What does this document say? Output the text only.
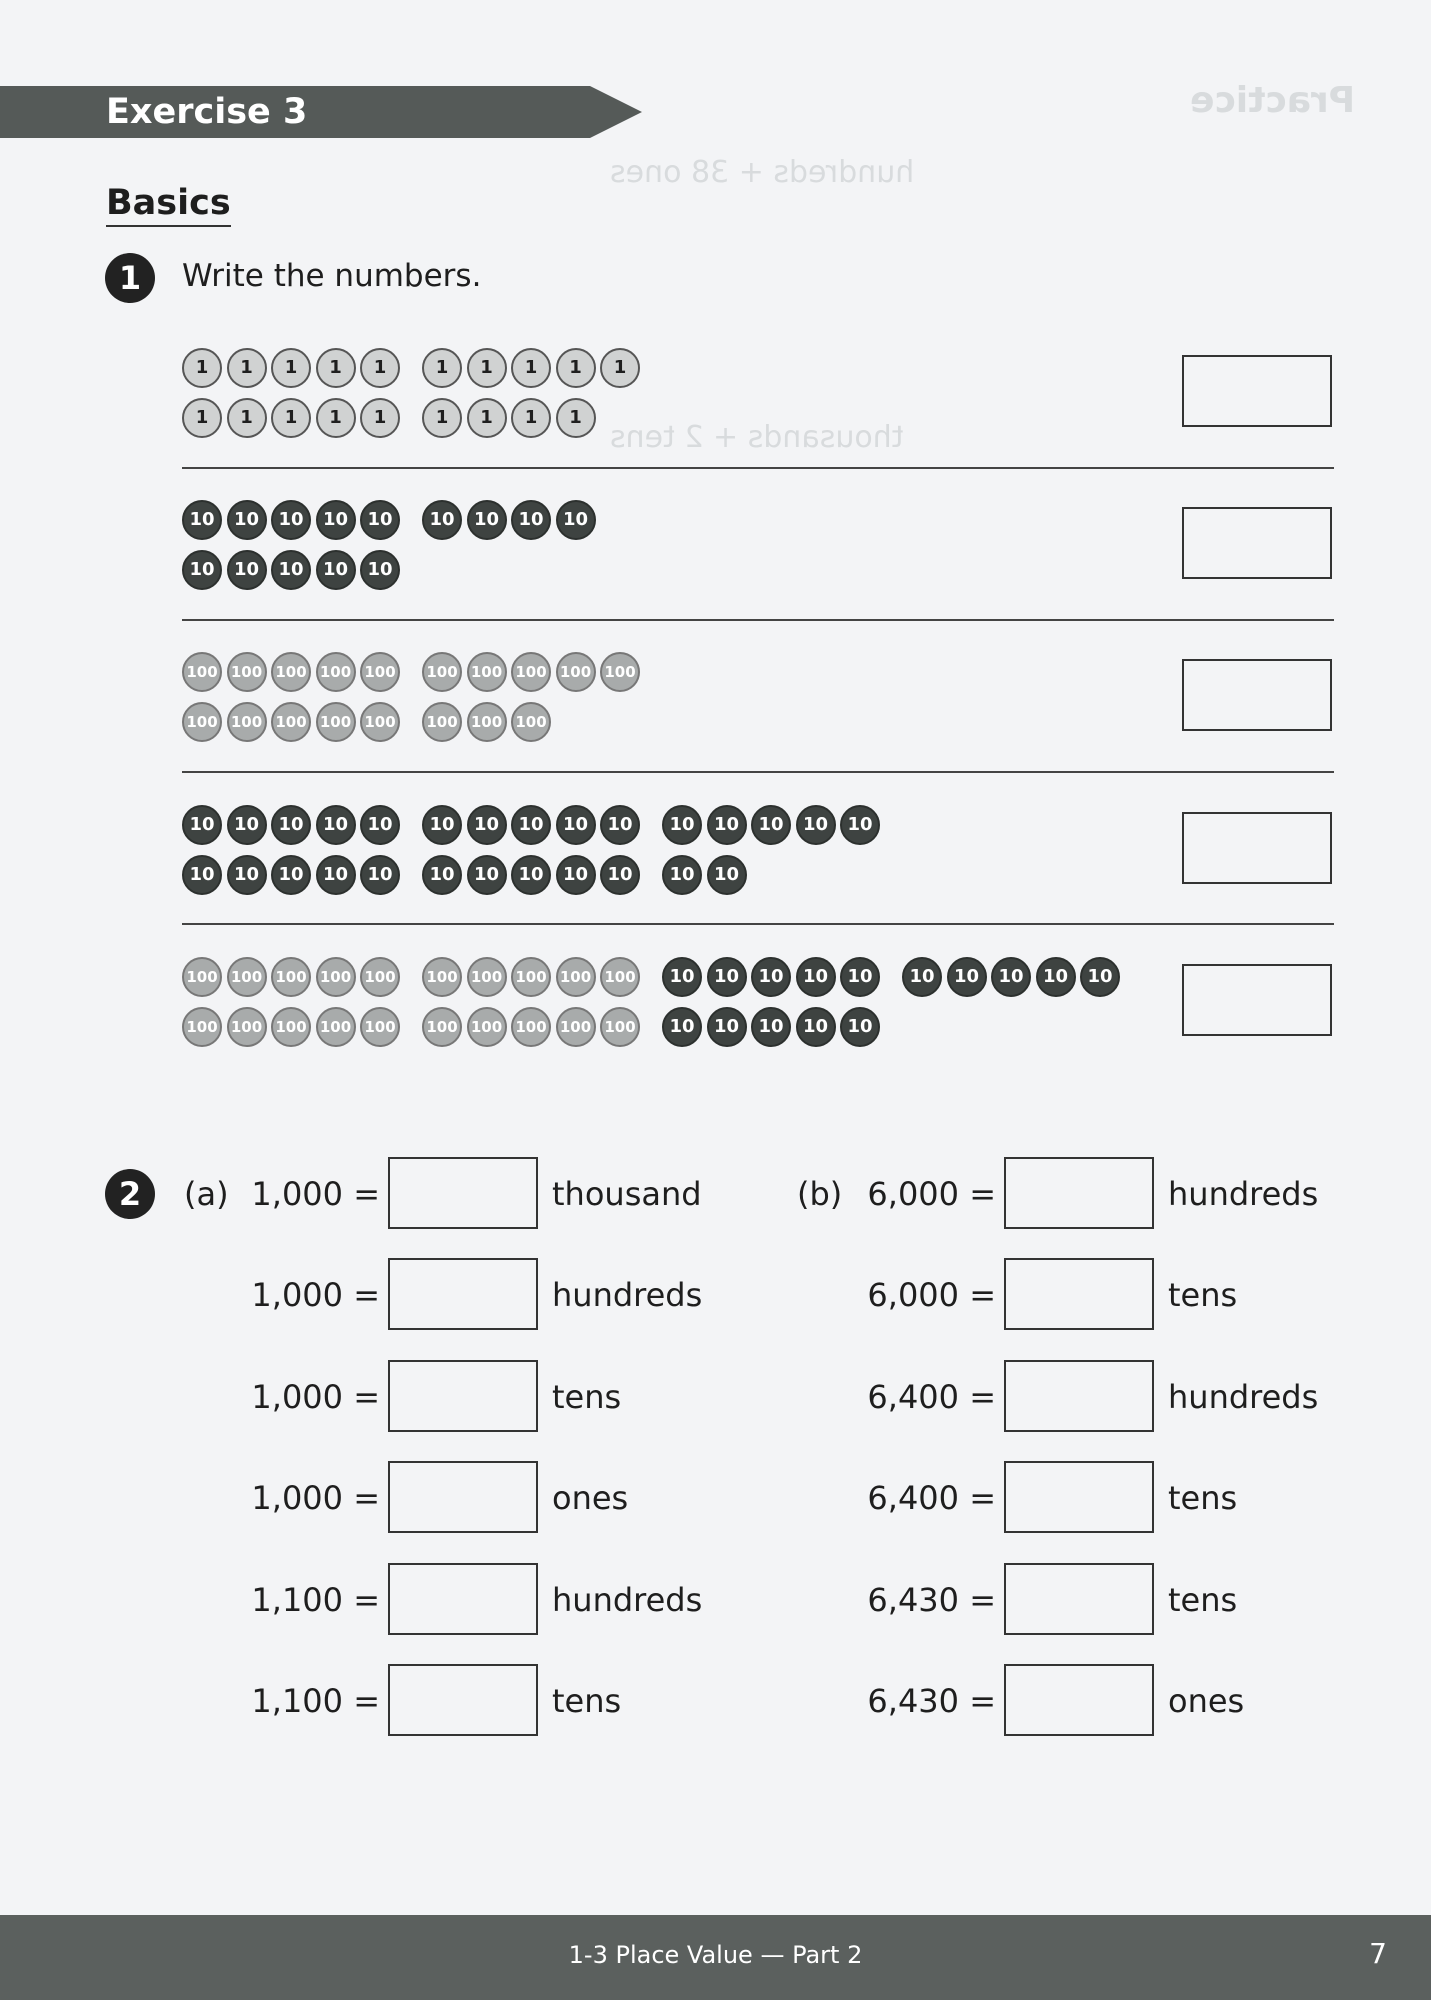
Practice
hundreds + 38 ones
thousands + 2 tens
Exercise 3
Basics
1	Write the numbers.
1	1	1	1	1	1	1	1	1	1
1	1	1	1	1	1	1	1	1
10	10	10	10	10	10	10	10	10
10	10	10	10	10
100 100 100 100 100 100 100 100 100 100
100 100 100 100 100 100 100 100
10	10	10	10	10	10	10	10	10	10	10	10	10	10	10
10	10	10	10	10	10	10	10	10	10	10	10
100 100 100 100 100 100 100 100 100 100	10	10	10	10	10	10	10	10	10	10
100 100 100 100 100 100 100 100 100 100	10	10	10	10	10
2	(a)	(b)
1,000 =	thousand
1,000 =	hundreds
1,000 =	tens
1,000 =	ones
1,100 =	hundreds
1,100 =	tens
6,000 =	hundreds
6,000 =	tens
6,400 =	hundreds
6,400 =	tens
6,430 =	tens
6,430 =	ones
1-3 Place Value — Part 2	7
